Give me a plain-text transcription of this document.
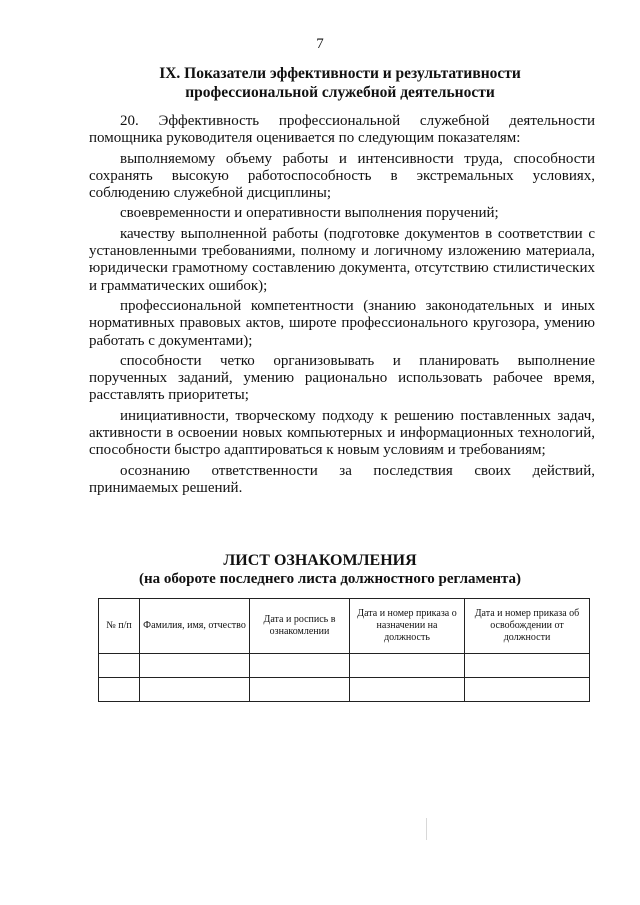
7
IX. Показатели эффективности и результативности
профессиональной служебной деятельности

20. Эффективность профессиональной служебной деятельности помощника руководителя оценивается по следующим показателям:

выполняемому объему работы и интенсивности труда, способности сохранять высокую работоспособность в экстремальных условиях, соблюдению служебной дисциплины;

своевременности и оперативности выполнения поручений;

качеству выполненной работы (подготовке документов в соответствии с установленными требованиями, полному и логичному изложению материала, юридически грамотному составлению документа, отсутствию стилистических и грамматических ошибок);

профессиональной компетентности (знанию законодательных и иных нормативных правовых актов, широте профессионального кругозора, умению работать с документами);

способности четко организовывать и планировать выполнение порученных заданий, умению рационально использовать рабочее время, расставлять приоритеты;

инициативности, творческому подходу к решению поставленных задач, активности в освоении новых компьютерных и информационных технологий, способности быстро адаптироваться к новым условиям и требованиям;

осознанию ответственности за последствия своих действий, принимаемых решений.

ЛИСТ ОЗНАКОМЛЕНИЯ
(на обороте последнего листа должностного регламента)
№ п/п	Фамилия, имя, отчество	Дата и роспись в ознакомлении	Дата и номер приказа о назначении на должность	Дата и номер приказа об освобождении от должности
